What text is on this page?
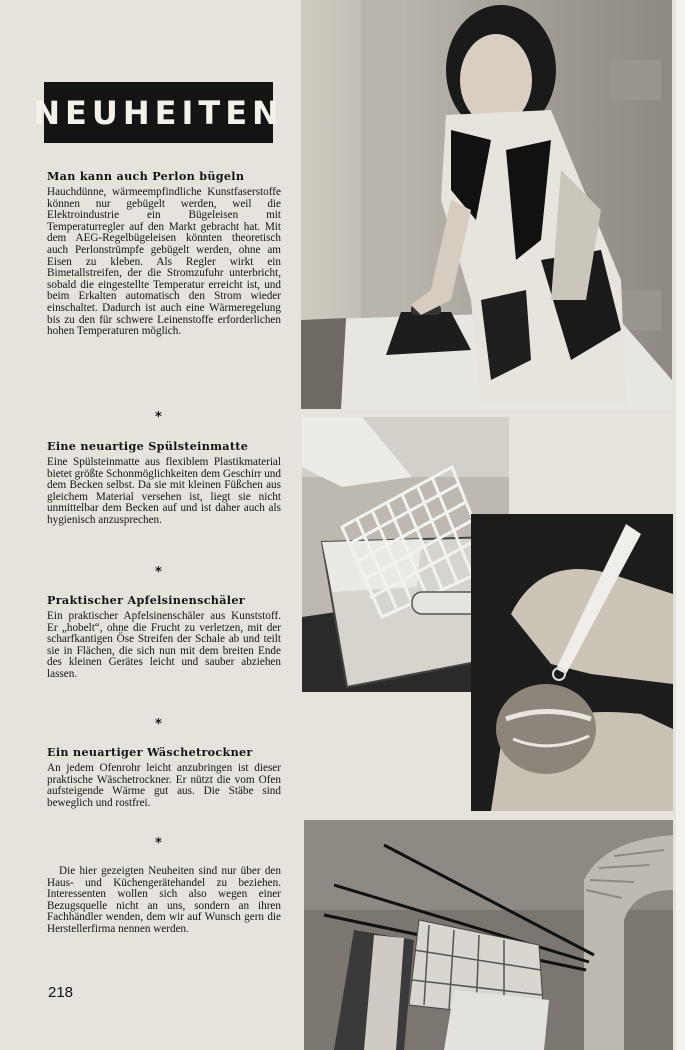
NEUHEITEN
Man kann auch Perlon bügeln

Hauchdünne, wärmeempfindliche Kunstfaserstoffe können nur gebügelt werden, weil die Elektroindustrie ein Bügeleisen mit Temperaturregler auf den Markt gebracht hat. Mit dem AEG-Regelbügeleisen könnten theoretisch auch Perlonstrümpfe gebügelt werden, ohne am Eisen zu kleben. Als Regler wirkt ein Bimetallstreifen, der die Stromzufuhr unterbricht, sobald die eingestellte Temperatur erreicht ist, und beim Erkalten automatisch den Strom wieder einschaltet. Dadurch ist auch eine Wärmeregelung bis zu den für schwere Leinenstoffe erforderlichen hohen Temperaturen möglich.

*
Eine neuartige Spülsteinmatte

Eine Spülsteinmatte aus flexiblem Plastikmaterial bietet größte Schonmöglichkeiten dem Geschirr und dem Becken selbst. Da sie mit kleinen Füßchen aus gleichem Material versehen ist, liegt sie nicht unmittelbar dem Becken auf und ist daher auch als hygienisch anzusprechen.

*
Praktischer Apfelsinenschäler

Ein praktischer Apfelsinenschäler aus Kunststoff. Er „hobelt“, ohne die Frucht zu verletzen, mit der scharfkantigen Öse Streifen der Schale ab und teilt sie in Flächen, die sich nun mit dem breiten Ende des kleinen Gerätes leicht und sauber abziehen lassen.

*
Ein neuartiger Wäschetrockner

An jedem Ofenrohr leicht anzubringen ist dieser praktische Wäschetrockner. Er nützt die vom Ofen aufsteigende Wärme gut aus. Die Stäbe sind beweglich und rostfrei.

*

Die hier gezeigten Neuheiten sind nur über den Haus- und Küchengerätehandel zu beziehen. Interessenten wollen sich also wegen einer Bezugsquelle nicht an uns, sondern an ihren Fachhändler wenden, dem wir auf Wunsch gern die Herstellerfirma nennen werden.

218
